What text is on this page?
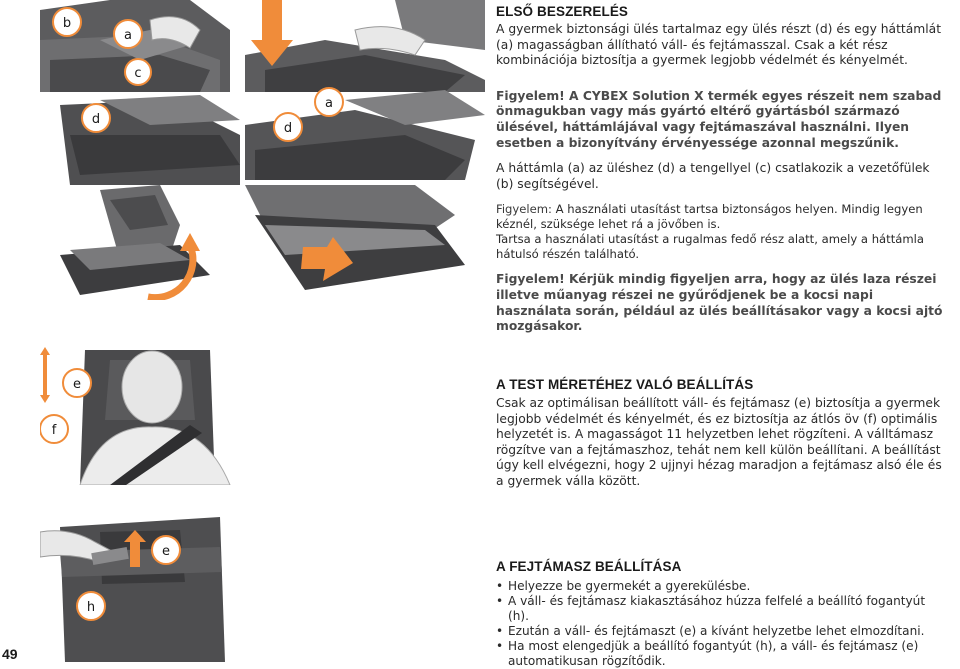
b
a
c
d
d
a
e
f
e
h
49
ELSŐ BESZERELÉS

A gyermek biztonsági ülés tartalmaz egy ülés részt (d) és egy háttámlát (a) magasságban állítható váll- és fejtámasszal. Csak a két rész kombinációja biztosítja a gyermek legjobb védelmét és kényelmét.

Figyelem! A CYBEX Solution X termék egyes részeit nem szabad önmagukban vagy más gyártó eltérő gyártásból származó ülésével, háttámlájával vagy fejtámaszával használni. Ilyen esetben a bizonyítvány érvényessége azonnal megszűnik.

A háttámla (a) az üléshez (d) a tengellyel (c) csatlakozik a vezetőfülek (b) segítségével.

Figyelem: A használati utasítást tartsa biztonságos helyen. Mindig legyen kéznél, szüksége lehet rá a jövőben is.

Tartsa a használati utasítást a rugalmas fedő rész alatt, amely a háttámla hátulsó részén található.

Figyelem! Kérjük mindig figyeljen arra, hogy az ülés laza részei illetve műanyag részei ne gyűrődjenek be a kocsi napi használata során, például az ülés beállításakor vagy a kocsi ajtó mozgásakor.

A TEST MÉRETÉHEZ VALÓ BEÁLLÍTÁS

Csak az optimálisan beállított váll- és fejtámasz (e) biztosítja a gyermek legjobb védelmét és kényelmét, és ez biztosítja az átlós öv (f) optimális helyzetét is. A magasságot 11 helyzetben lehet rögzíteni. A válltámasz rögzítve van a fejtámaszhoz, tehát nem kell külön beállítani. A beállítást úgy kell elvégezni, hogy 2 ujjnyi hézag maradjon a fejtámasz alsó éle és a gyermek válla között.

A FEJTÁMASZ BEÁLLÍTÁSA
• Helyezze be gyermekét a gyerekülésbe.
• A váll- és fejtámasz kiakasztásához húzza felfelé a beállító fogantyút (h).
• Ezután a váll- és fejtámaszt (e) a kívánt helyzetbe lehet elmozdítani.
• Ha most elengedjük a beállító fogantyút (h), a váll- és fejtámasz (e) automatikusan rögzítődik.
